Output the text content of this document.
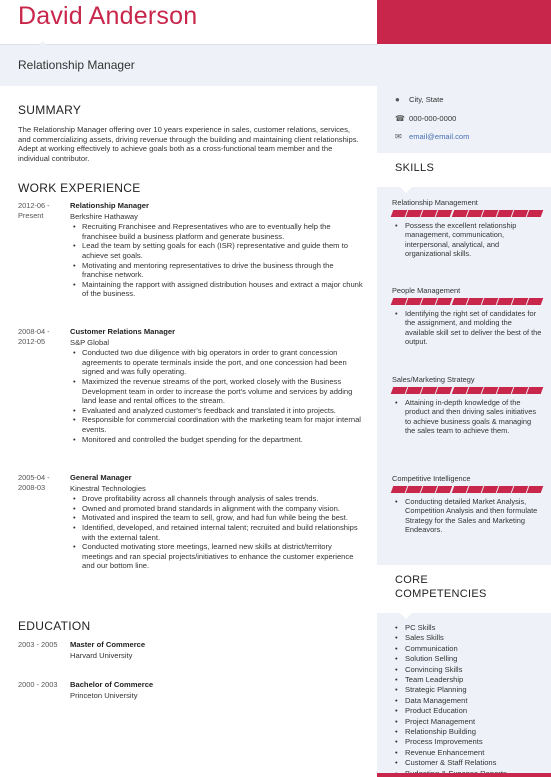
David Anderson
Relationship Manager
SUMMARY
The Relationship Manager offering over 10 years experience in sales, customer relations, services, and commercializing assets, driving revenue through the building and maintaining client relationships. Adept at working effectively to achieve goals both as a cross-functional team member and the individual contributor.
WORK EXPERIENCE
2012-06 -
Present
Relationship Manager
Berkshire Hathaway
• Recruiting Franchisee and Representatives who are to eventually help the franchisee build a business platform and generate business.
• Lead the team by setting goals for each (ISR) representative and guide them to achieve set goals.
• Motivating and mentoring representatives to drive the business through the franchise network.
• Maintaining the rapport with assigned distribution houses and extract a major chunk of the business.
2008-04 -
2012-05
Customer Relations Manager
S&P Global
• Conducted two due diligence with big operators in order to grant concession agreements to operate terminals inside the port, and one concession had been signed and was fully operating.
• Maximized the revenue streams of the port, worked closely with the Business Development team in order to increase the port's volume and services by adding land lease and rental offices to the stream.
• Evaluated and analyzed customer's feedback and translated it into projects.
• Responsible for commercial coordination with the marketing team for major internal events.
• Monitored and controlled the budget spending for the department.
2005-04 -
2008-03
General Manager
Kinestral Technologies
• Drove profitability across all channels through analysis of sales trends.
• Owned and promoted brand standards in alignment with the company vision.
• Motivated and inspired the team to sell, grow, and had fun while being the best.
• Identified, developed, and retained internal talent; recruited and build relationships with the external talent.
• Conducted motivating store meetings, learned new skills at district/territory meetings and ran special projects/initiatives to enhance the customer experience and our bottom line.
EDUCATION
2003 - 2005	Master of Commerce
Harvard University
2000 - 2003	Bachelor of Commerce
Princeton University
● City, State
☎ 000-000-0000
✉ email@email.com
SKILLS
Relationship Management
• Possess the excellent relationship management, communication, interpersonal, analytical, and organizational skills.
People Management
• Identifying the right set of candidates for the assignment, and molding the available skill set to deliver the best of the output.
Sales/Marketing Strategy
• Attaining in-depth knowledge of the product and then driving sales initiatives to achieve business goals & managing the sales team to achieve them.
Competitive Intelligence
• Conducting detailed Market Analysis, Competition Analysis and then formulate Strategy for the Sales and Marketing Endeavors.
CORE
COMPETENCIES
• PC Skills
• Sales Skills
• Communication
• Solution Selling
• Convincing Skills
• Team Leadership
• Strategic Planning
• Data Management
• Product Education
• Project Management
• Relationship Building
• Process Improvements
• Revenue Enhancement
• Customer & Staff Relations
•
